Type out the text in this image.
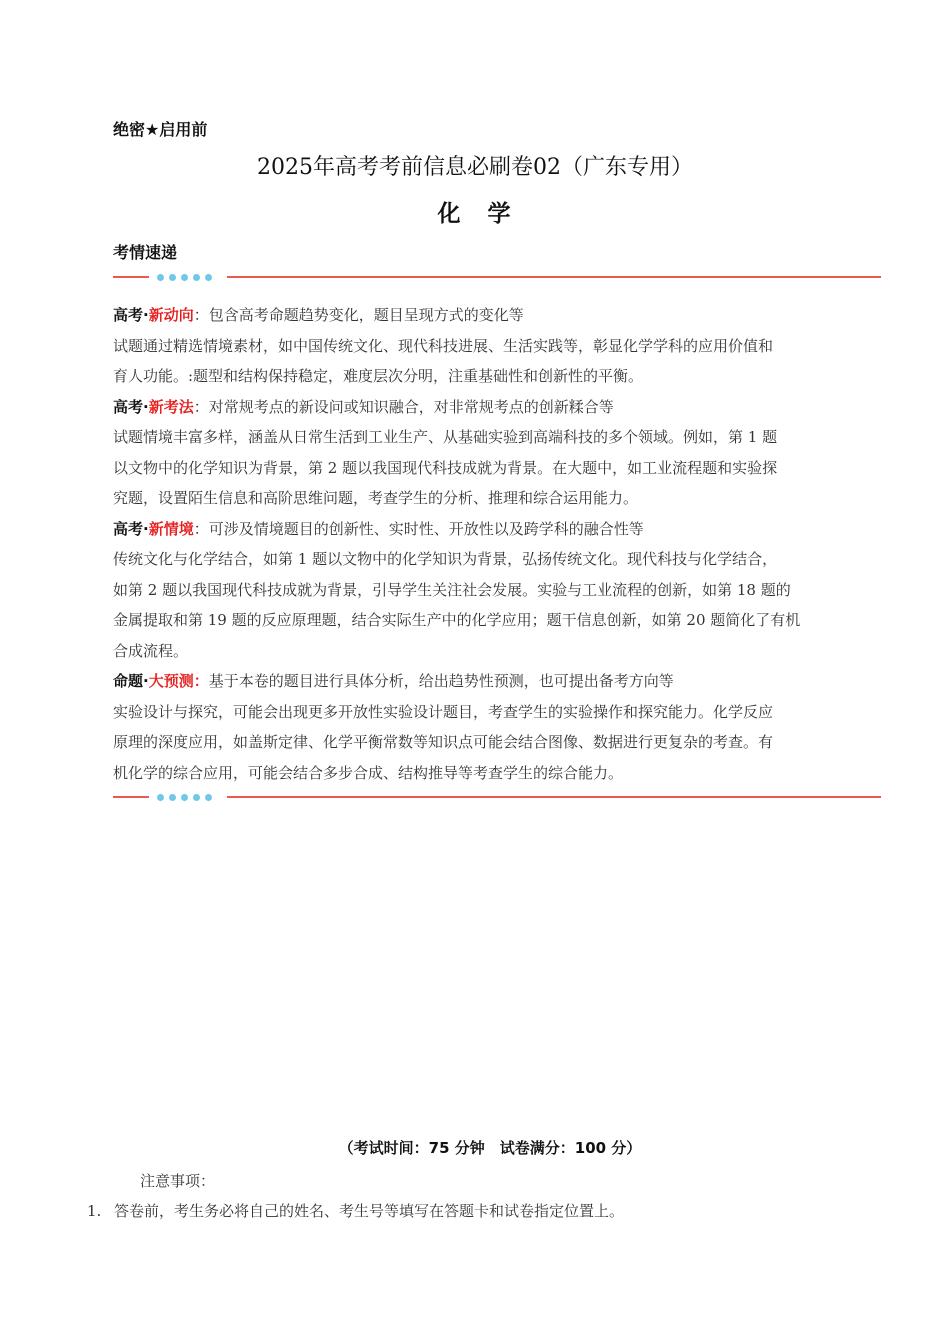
绝密★启用前
2025年高考考前信息必刷卷02（广东专用）
化　学
考情速递

高考·新动向：包含高考命题趋势变化，题目呈现方式的变化等

试题通过精选情境素材，如中国传统文化、现代科技进展、生活实践等，彰显化学学科的应用价值和

育人功能。:题型和结构保持稳定，难度层次分明，注重基础性和创新性的平衡。

高考·新考法：对常规考点的新设问或知识融合，对非常规考点的创新糅合等

试题情境丰富多样，涵盖从日常生活到工业生产、从基础实验到高端科技的多个领域。例如，第 1 题

以文物中的化学知识为背景，第 2 题以我国现代科技成就为背景。在大题中，如工业流程题和实验探

究题，设置陌生信息和高阶思维问题，考查学生的分析、推理和综合运用能力。

高考·新情境：可涉及情境题目的创新性、实时性、开放性以及跨学科的融合性等

传统文化与化学结合，如第 1 题以文物中的化学知识为背景，弘扬传统文化。现代科技与化学结合，

如第 2 题以我国现代科技成就为背景，引导学生关注社会发展。实验与工业流程的创新，如第 18 题的

金属提取和第 19 题的反应原理题，结合实际生产中的化学应用；题干信息创新，如第 20 题简化了有机

合成流程。

命题·大预测：基于本卷的题目进行具体分析，给出趋势性预测，也可提出备考方向等

实验设计与探究，可能会出现更多开放性实验设计题目，考查学生的实验操作和探究能力。化学反应

原理的深度应用，如盖斯定律、化学平衡常数等知识点可能会结合图像、数据进行更复杂的考查。有

机化学的综合应用，可能会结合多步合成、结构推导等考查学生的综合能力。

（考试时间：75 分钟　试卷满分：100 分）
注意事项：
1. 答卷前，考生务必将自己的姓名、考生号等填写在答题卡和试卷指定位置上。
